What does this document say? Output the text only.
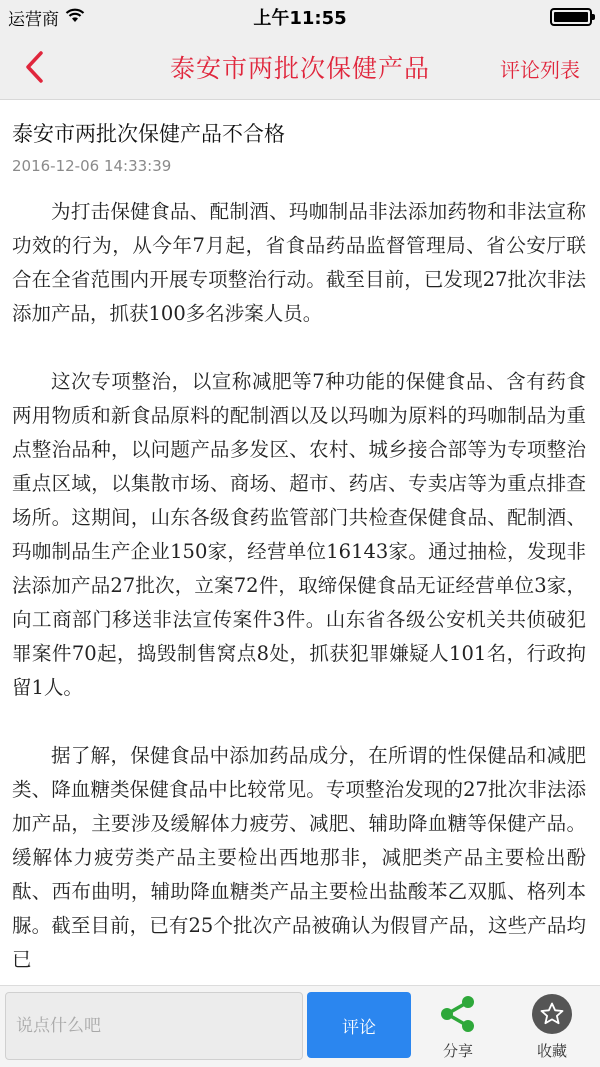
运营商	上午11:55
泰安市两批次保健产品	评论列表
泰安市两批次保健产品不合格
2016-12-06 14:33:39

为打击保健食品、配制酒、玛咖制品非法添加药物和非法宣称功效的行为，从今年7月起，省食品药品监督管理局、省公安厅联合在全省范围内开展专项整治行动。截至目前，已发现27批次非法添加产品，抓获100多名涉案人员。

这次专项整治，以宣称减肥等7种功能的保健食品、含有药食两用物质和新食品原料的配制酒以及以玛咖为原料的玛咖制品为重点整治品种，以问题产品多发区、农村、城乡接合部等为专项整治重点区域，以集散市场、商场、超市、药店、专卖店等为重点排查场所。这期间，山东各级食药监管部门共检查保健食品、配制酒、玛咖制品生产企业150家，经营单位16143家。通过抽检，发现非法添加产品27批次，立案72件，取缔保健食品无证经营单位3家，向工商部门移送非法宣传案件3件。山东省各级公安机关共侦破犯罪案件70起，捣毁制售窝点8处，抓获犯罪嫌疑人101名，行政拘留1人。

据了解，保健食品中添加药品成分，在所谓的性保健品和减肥类、降血糖类保健食品中比较常见。专项整治发现的27批次非法添加产品，主要涉及缓解体力疲劳、减肥、辅助降血糖等保健产品。缓解体力疲劳类产品主要检出西地那非，减肥类产品主要检出酚酞、西布曲明，辅助降血糖类产品主要检出盐酸苯乙双胍、格列本脲。截至目前，已有25个批次产品被确认为假冒产品，这些产品均已

说点什么吧
评论
分享	收藏
